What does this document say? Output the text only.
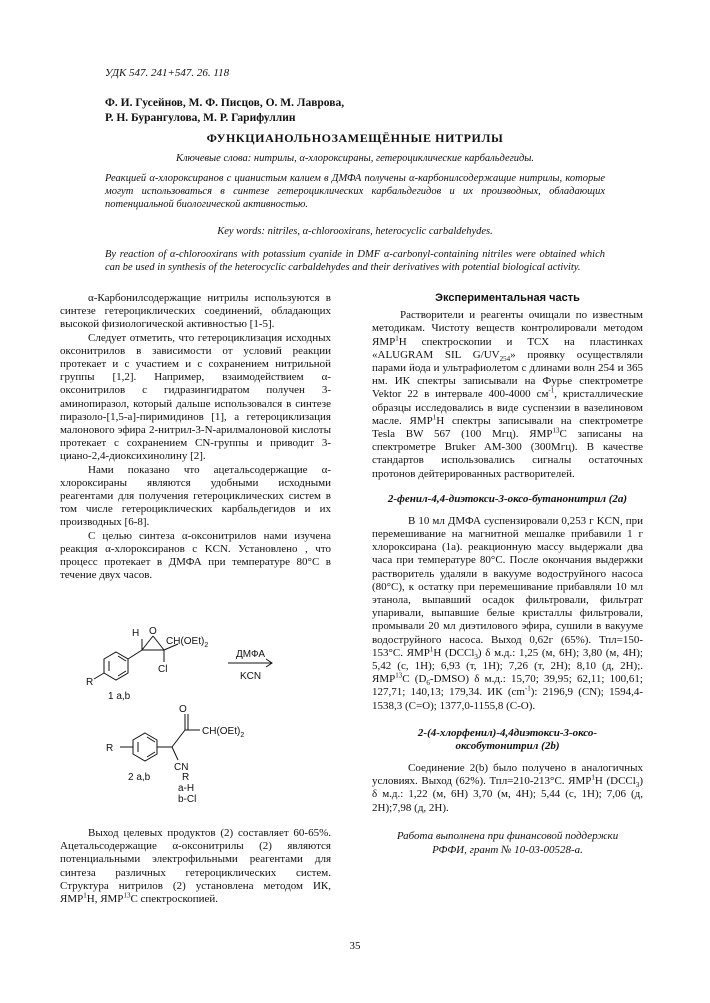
УДК 547. 241+547. 26. 118
Ф. И. Гусейнов, М. Ф. Писцов, О. М. Лаврова,
Р. Н. Бурангулова, М. Р. Гарифуллин
ФУНКЦИАНОЛЬНОЗАМЕЩЁННЫЕ НИТРИЛЫ
Ключевые слова: нитрилы, α-хлороксираны, гетероциклические карбальдегиды.
Реакцией α-хлороксиранов с цианистым калием в ДМФА получены α-карбонилсодержащие нитрилы, которые могут использоваться в синтезе гетероциклических карбальдегидов и их производных, обладающих потенциальной биологической активностью.
Key words: nitriles, α-chlorooxirans, heterocyclic carbaldehydes.
By reaction of α-chlorooxirans with potassium cyanide in DMF α-carbonyl-containing nitriles were obtained which can be used in synthesis of the heterocyclic carbaldehydes and their derivatives with potential biological activity.

α-Карбонилсодержащие нитрилы используются в синтезе гетероциклических соединений, обладающих высокой физиологической активностью [1-5].

Следует отметить, что гетероциклизация исходных оксонитрилов в зависимости от условий реакции протекает и с участием и с сохранением нитрильной группы [1,2]. Например, взаимодействием α-оксонитрилов с гидразингидратом получен 3-аминопиразол, который дальше использовался в синтезе пиразоло-[1,5-а]-пиримидинов [1], а гетероциклизация малонового эфира 2-нитрил-3-N-арилмалоновой кислоты протекает с сохранением CN-группы и приводит 3-циано-2,4-диоксихинолину [2].

Нами показано что ацетальсодержащие α-хлороксираны являются удобными исходными реагентами для получения гетероциклических систем в том числе гетероциклических карбальдегидов и их производных [6-8].

С целью синтеза α-оксонитрилов нами изучена реакция α-хлороксиранов с KCN. Установлено , что процесс протекает в ДМФА при температуре 80°С в течение двух часов.

H O
$CH(OEt)_2$
Cl
R
ДМФА
KCN
1 a,b
O
$CH(OEt)_2$
R
CN
2 a,b	R
a-H
b-Cl

Выход целевых продуктов (2) составляет 60-65%. Ацетальсодержащие α-оксонитрилы (2) являются потенциальными электрофильными реагентами для синтеза различных гетероциклических систем. Структура нитрилов (2) установлена методом ИК, ЯМР$^1$Н, ЯМР$^{13}$С спектроскопией.

Экспериментальная часть

Растворители и реагенты очищали по известным методикам. Чистоту веществ контролировали методом ЯМР$^1$H спектроскопии и ТСХ на пластинках «ALUGRAM SIL $G/UV_{254}$» проявку осуществляли парами йода и ультрафиолетом с длинами волн 254 и 365 нм. ИК спектры записывали на Фурье спектрометре Vektor 22 в интервале 400-4000 $см^{-1}$, кристаллические образцы исследовались в виде суспензии в вазелиновом масле. ЯМР$^1$H спектры записывали на спектрометре Tesla BW 567 (100 Мгц). ЯМР$^{13}$С записаны на спектрометре Bruker AM-300 (300Мгц). В качестве стандартов использовались сигналы остаточных протонов дейтерированных растворителей.

2-фенил-4,4-диэтокси-3-оксо-бутанонитрил (2а)

В 10 мл ДМФА суспензировали 0,253 г KCN, при перемешивание на магнитной мешалке прибавили 1 г хлороксирана (1а). реакционную массу выдержали два часа при температуре 80°С. После окончания выдержки растворитель удаляли в вакууме водоструйного насоса (80°С), к остатку при перемешивание прибавляли 10 мл этанола, выпавший осадок фильтровали, фильтрат упаривали, выпавшие белые кристаллы фильтровали, промывали 20 мл диэтилового эфира, сушили в вакууме водоструйного насоса. Выход 0,62г (65%). Тпл=150-153°С. ЯМР$^1$Н (DCCl$_3$) δ м.д.: 1,25 (м, 6Н); 3,80 (м, 4Н); 5,42 (с, 1Н); 6,93 (т, 1Н); 7,26 (т, 2Н); 8,10 (д, 2Н);. ЯМР$^{13}$С $(D_6-DMSO)$ δ м.д.: 15,70; 39,95; 62,11; 100,61; 127,71; 140,13; 179,34. ИК $(cm^{-1})$: 2196,9 (CN); 1594,4-1538,3 (C=O); 1377,0-1155,8 (C-O).

2-(4-хлорфенил)-4,4диэтокси-3-оксо-
оксобутонитрил (2b)

Соединение 2(b) было получено в аналогичных условиях. Выход (62%). Тпл=210-213°С. ЯМР$^1$Н (DCCl$_3$) δ м.д.: 1,22 (м, 6Н) 3,70 (м, 4Н); 5,44 (с, 1Н); 7,06 (д, 2Н);7,98 (д, 2Н).

Работа выполнена при финансовой поддержки
РФФИ, грант № 10-03-00528-а.

35
